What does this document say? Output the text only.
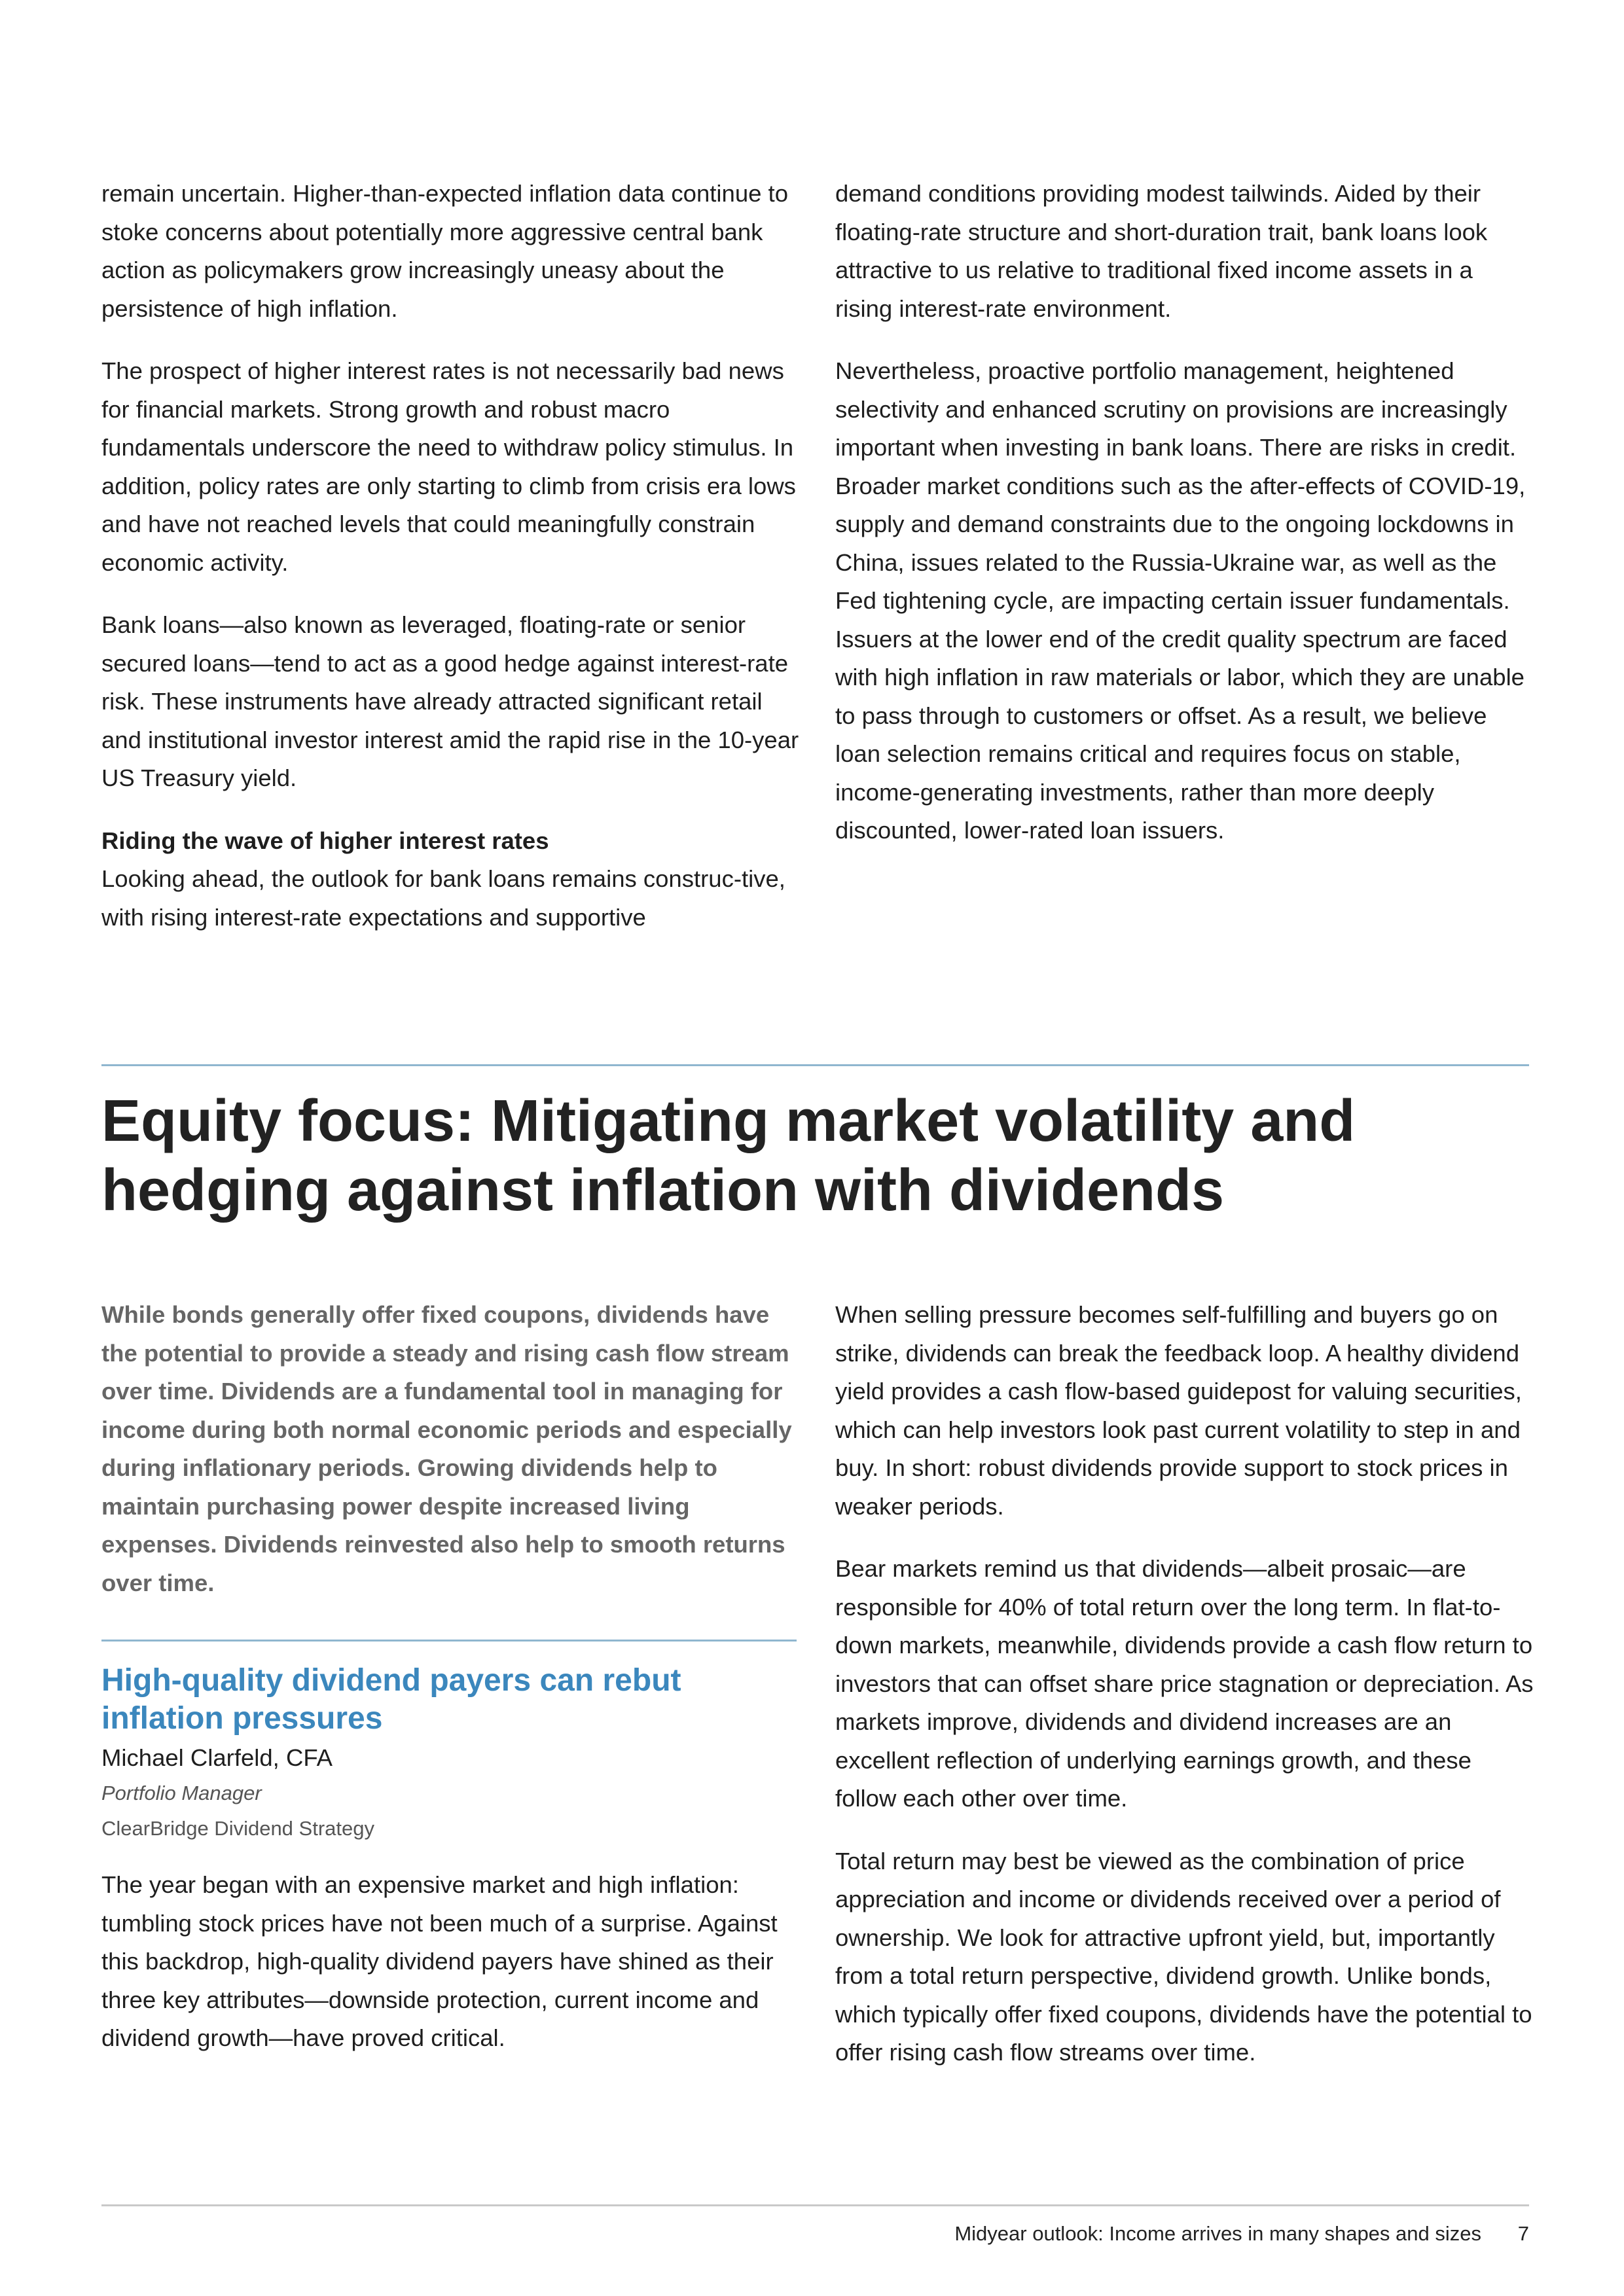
remain uncertain. Higher-than-expected inflation data continue to stoke concerns about potentially more aggressive central bank action as policymakers grow increasingly uneasy about the persistence of high inflation.

The prospect of higher interest rates is not necessarily bad news for financial markets. Strong growth and robust macro fundamentals underscore the need to withdraw policy stimulus. In addition, policy rates are only starting to climb from crisis era lows and have not reached levels that could meaningfully constrain economic activity.

Bank loans—also known as leveraged, floating-rate or senior secured loans—tend to act as a good hedge against interest-rate risk. These instruments have already attracted significant retail and institutional investor interest amid the rapid rise in the 10-year US Treasury yield.

Riding the wave of higher interest rates

Looking ahead, the outlook for bank loans remains construc-tive, with rising interest-rate expectations and supportive

demand conditions providing modest tailwinds. Aided by their floating-rate structure and short-duration trait, bank loans look attractive to us relative to traditional fixed income assets in a rising interest-rate environment.

Nevertheless, proactive portfolio management, heightened selectivity and enhanced scrutiny on provisions are increasingly important when investing in bank loans. There are risks in credit. Broader market conditions such as the after-effects of COVID-19, supply and demand constraints due to the ongoing lockdowns in China, issues related to the Russia-Ukraine war, as well as the Fed tightening cycle, are impacting certain issuer fundamentals. Issuers at the lower end of the credit quality spectrum are faced with high inflation in raw materials or labor, which they are unable to pass through to customers or offset. As a result, we believe loan selection remains critical and requires focus on stable, income-generating investments, rather than more deeply discounted, lower-rated loan issuers.

Equity focus: Mitigating market volatility and hedging against inflation with dividends

While bonds generally offer fixed coupons, dividends have the potential to provide a steady and rising cash flow stream over time. Dividends are a fundamental tool in managing for income during both normal economic periods and especially during inflationary periods. Growing dividends help to maintain purchasing power despite increased living expenses. Dividends reinvested also help to smooth returns over time.

High-quality dividend payers can rebut inflation pressures

Michael Clarfeld, CFA

Portfolio Manager

ClearBridge Dividend Strategy

The year began with an expensive market and high inflation: tumbling stock prices have not been much of a surprise. Against this backdrop, high-quality dividend payers have shined as their three key attributes—downside protection, current income and dividend growth—have proved critical.

When selling pressure becomes self-fulfilling and buyers go on strike, dividends can break the feedback loop. A healthy dividend yield provides a cash flow-based guidepost for valuing securities, which can help investors look past current volatility to step in and buy. In short: robust dividends provide support to stock prices in weaker periods.

Bear markets remind us that dividends—albeit prosaic—are responsible for 40% of total return over the long term. In flat-to-down markets, meanwhile, dividends provide a cash flow return to investors that can offset share price stagnation or depreciation. As markets improve, dividends and dividend increases are an excellent reflection of underlying earnings growth, and these follow each other over time.

Total return may best be viewed as the combination of price appreciation and income or dividends received over a period of ownership. We look for attractive upfront yield, but, importantly from a total return perspective, dividend growth. Unlike bonds, which typically offer fixed coupons, dividends have the potential to offer rising cash flow streams over time.

Midyear outlook: Income arrives in many shapes and sizes 7
